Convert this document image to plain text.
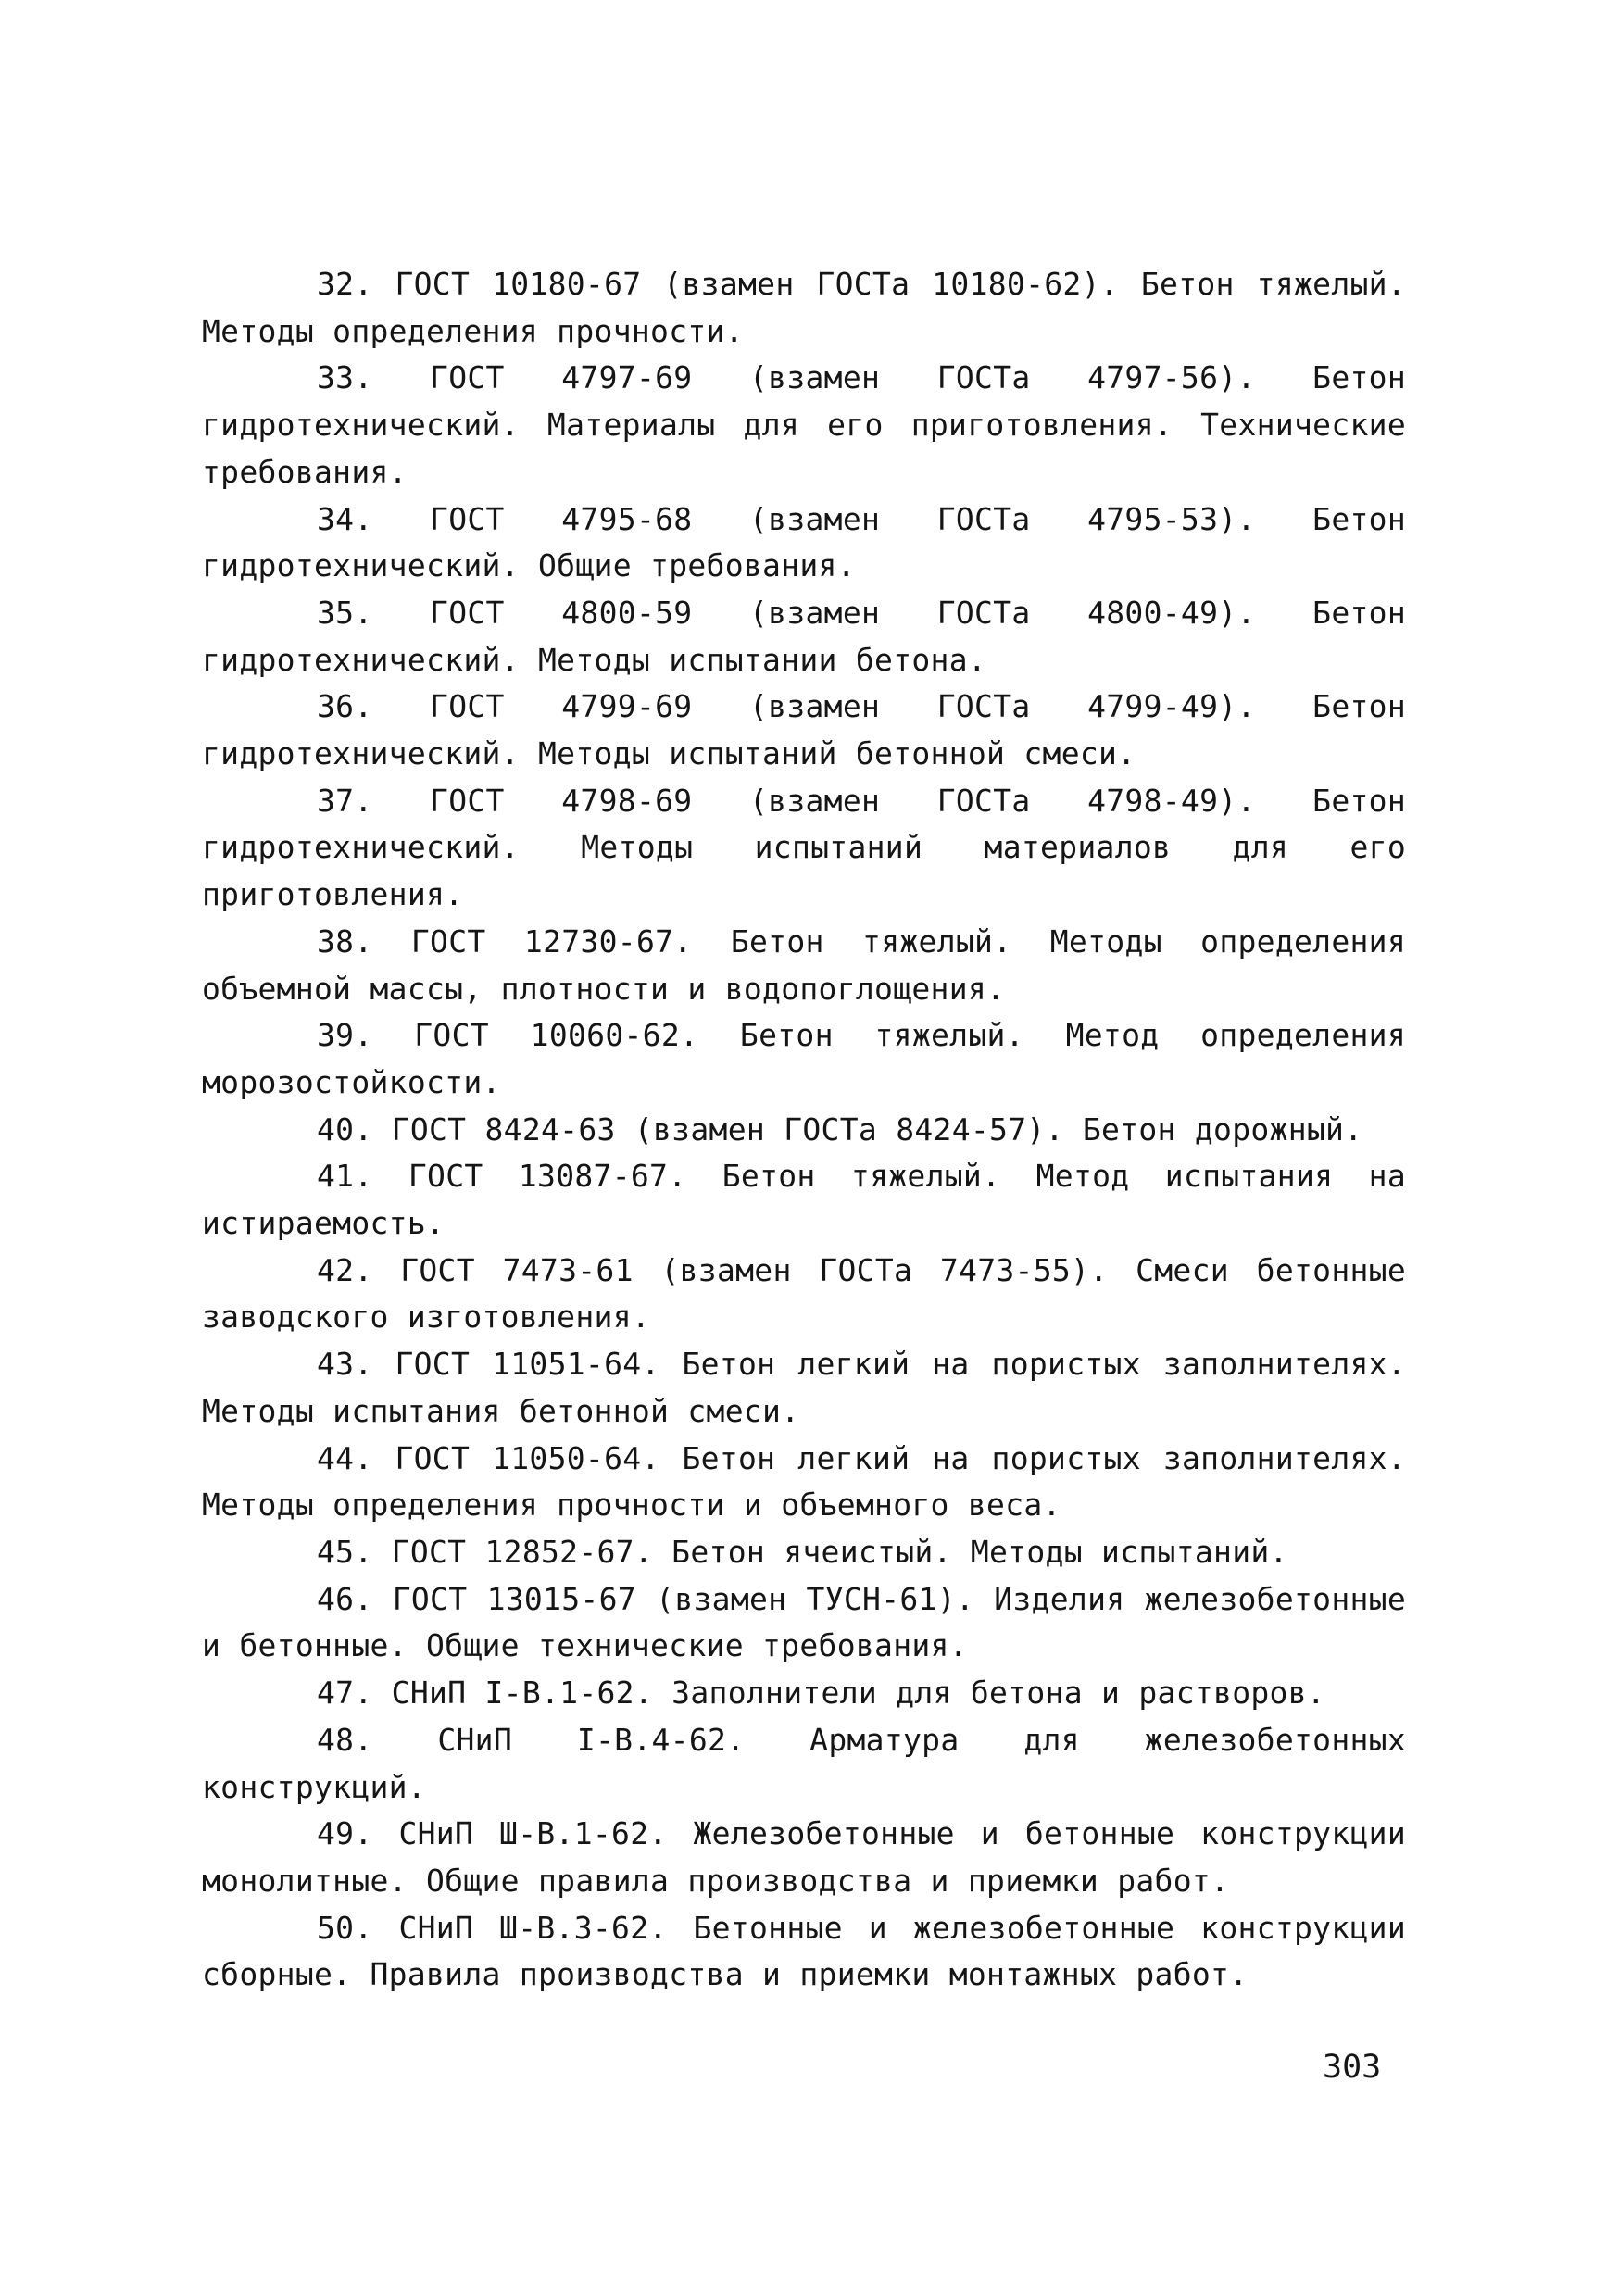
32. ГОСТ 10180-67 (взамен ГОСТа 10180-62). Бетон тяжелый. Методы определения прочности.
33. ГОСТ 4797-69 (взамен ГОСТа 4797-56). Бетон гидротехнический. Материалы для его приготовления. Технические требования.
34. ГОСТ 4795-68 (взамен ГОСТа 4795-53). Бетон гидротехнический. Общие требования.
35. ГОСТ 4800-59 (взамен ГОСТа 4800-49). Бетон гидротехнический. Методы испытании бетона.
36. ГОСТ 4799-69 (взамен ГОСТа 4799-49). Бетон гидротехнический. Методы испытаний бетонной смеси.
37. ГОСТ 4798-69 (взамен ГОСТа 4798-49). Бетон гидротехнический. Методы испытаний материалов для его приготовления.
38. ГОСТ 12730-67. Бетон тяжелый. Методы определения объемной массы, плотности и водопоглощения.
39. ГОСТ 10060-62. Бетон тяжелый. Метод определения морозостойкости.
40. ГОСТ 8424-63 (взамен ГОСТа 8424-57). Бетон дорожный.
41. ГОСТ 13087-67. Бетон тяжелый. Метод испытания на истираемость.
42. ГОСТ 7473-61 (взамен ГОСТа 7473-55). Смеси бетонные заводского изготовления.
43. ГОСТ 11051-64. Бетон легкий на пористых заполнителях. Методы испытания бетонной смеси.
44. ГОСТ 11050-64. Бетон легкий на пористых заполнителях. Методы определения прочности и объемного веса.
45. ГОСТ 12852-67. Бетон ячеистый. Методы испытаний.
46. ГОСТ 13015-67 (взамен ТУСН-61). Изделия железобетонные и бетонные. Общие технические требования.
47. СНиП I-В.1-62. Заполнители для бетона и растворов.
48. СНиП I-В.4-62. Арматура для железобетонных конструкций.
49. СНиП Ш-В.1-62. Железобетонные и бетонные конструкции монолитные. Общие правила производства и приемки работ.
50. СНиП Ш-В.3-62. Бетонные и железобетонные конструкции сборные. Правила производства и приемки монтажных работ.
303
